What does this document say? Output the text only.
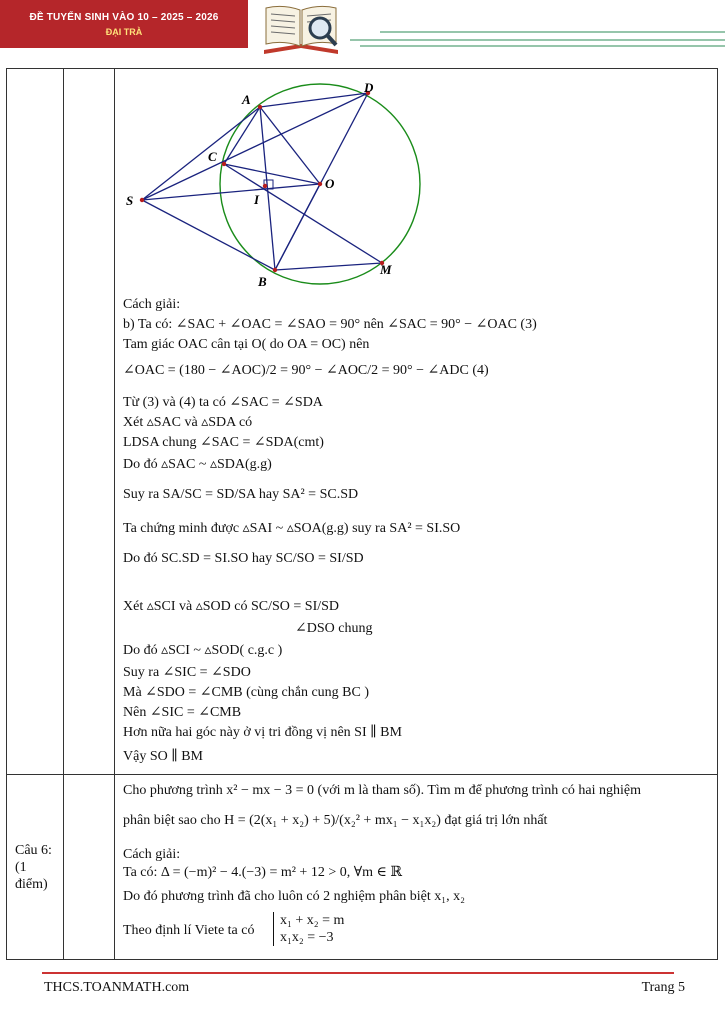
ĐỀ TUYỂN SINH VÀO 10 – 2025 – 2026
ĐẠI TRÀ
A
D
C
O
S	I
B
M
Cách giải:
b) Ta có: ∠SAC + ∠OAC = ∠SAO = 90° nên ∠SAC = 90° − ∠OAC (3)
Tam giác OAC cân tại O( do OA = OC) nên
∠OAC = (180 − ∠AOC)/2 = 90° − ∠AOC/2 = 90° − ∠ADC (4)
Từ (3) và (4) ta có ∠SAC = ∠SDA
Xét ▵SAC và ▵SDA có
LDSA chung ∠SAC = ∠SDA(cmt)
Do đó ▵SAC ~ ▵SDA(g.g)
Suy ra SA/SC = SD/SA hay SA² = SC.SD
Ta chứng minh được ▵SAI ~ ▵SOA(g.g) suy ra SA² = SI.SO
Do đó SC.SD = SI.SO hay SC/SO = SI/SD
Xét ▵SCI và ▵SOD có SC/SO = SI/SD
∠DSO chung
Do đó ▵SCI ~ ▵SOD( c.g.c )
Suy ra ∠SIC = ∠SDO
Mà ∠SDO = ∠CMB (cùng chắn cung BC )
Nên ∠SIC = ∠CMB
Hơn nữa hai góc này ở vị tri đồng vị nên SI ∥ BM
Vậy SO ∥ BM
Câu 6: (1 điểm)
Cho phương trình x² − mx − 3 = 0 (với m là tham số). Tìm m để phương trình có hai nghiệm
phân biệt sao cho H = (2(x₁ + x₂) + 5)/(x₂² + mx₁ − x₁x₂) đạt giá trị lớn nhất
Cách giải:
Ta có: Δ = (−m)² − 4.(−3) = m² + 12 > 0, ∀m ∈ ℝ
Do đó phương trình đã cho luôn có 2 nghiệm phân biệt x₁, x₂
Theo định lí Viete ta có
x₁ + x₂ = m
x₁x₂ = −3
THCS.TOANMATH.com	Trang 5
